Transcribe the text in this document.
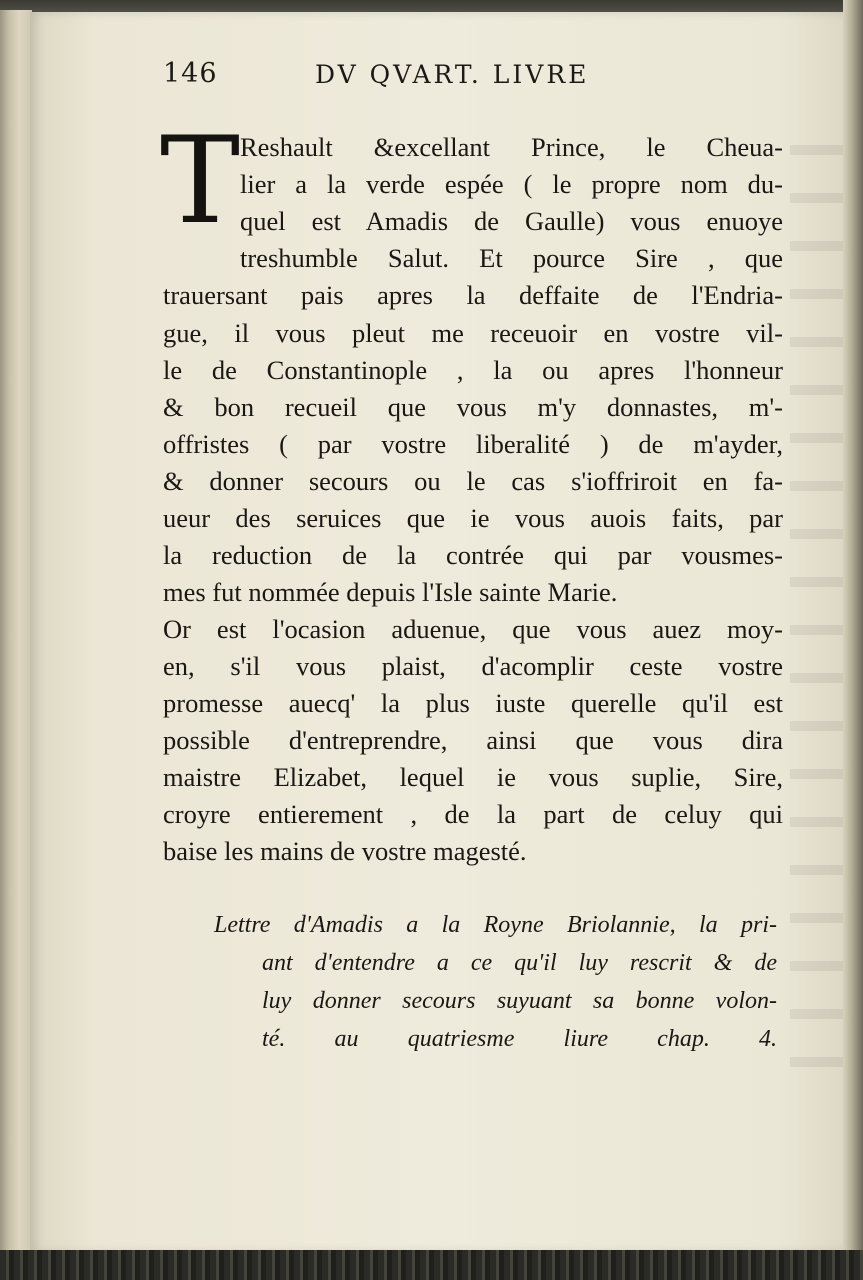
146	DV QVART. LIVRE
T Reshault &excellant Prince, le Cheua-
lier a la verde espée ( le propre nom du-
quel est Amadis de Gaulle) vous enuoye
treshumble Salut. Et pource Sire , que
trauersant pais apres la deffaite de l'Endria-
gue, il vous pleut me receuoir en vostre vil-
le de Constantinople , la ou apres l'honneur
& bon recueil que vous m'y donnastes, m'-
offristes ( par vostre liberalité ) de m'ayder,
& donner secours ou le cas s'ioffriroit en fa-
ueur des seruices que ie vous auois faits, par
la reduction de la contrée qui par vousmes-
mes fut nommée depuis l'Isle sainte Marie.
Or est l'ocasion aduenue, que vous auez moy-
en, s'il vous plaist, d'acomplir ceste vostre
promesse auecq' la plus iuste querelle qu'il est
possible d'entreprendre, ainsi que vous dira
maistre Elizabet, lequel ie vous suplie, Sire,
croyre entierement , de la part de celuy qui
baise les mains de vostre magesté.
Lettre d'Amadis a la Royne Briolannie, la pri-
ant d'entendre a ce qu'il luy rescrit & de
luy donner secours suyuant sa bonne volon-
té. au quatriesme liure chap. 4.
